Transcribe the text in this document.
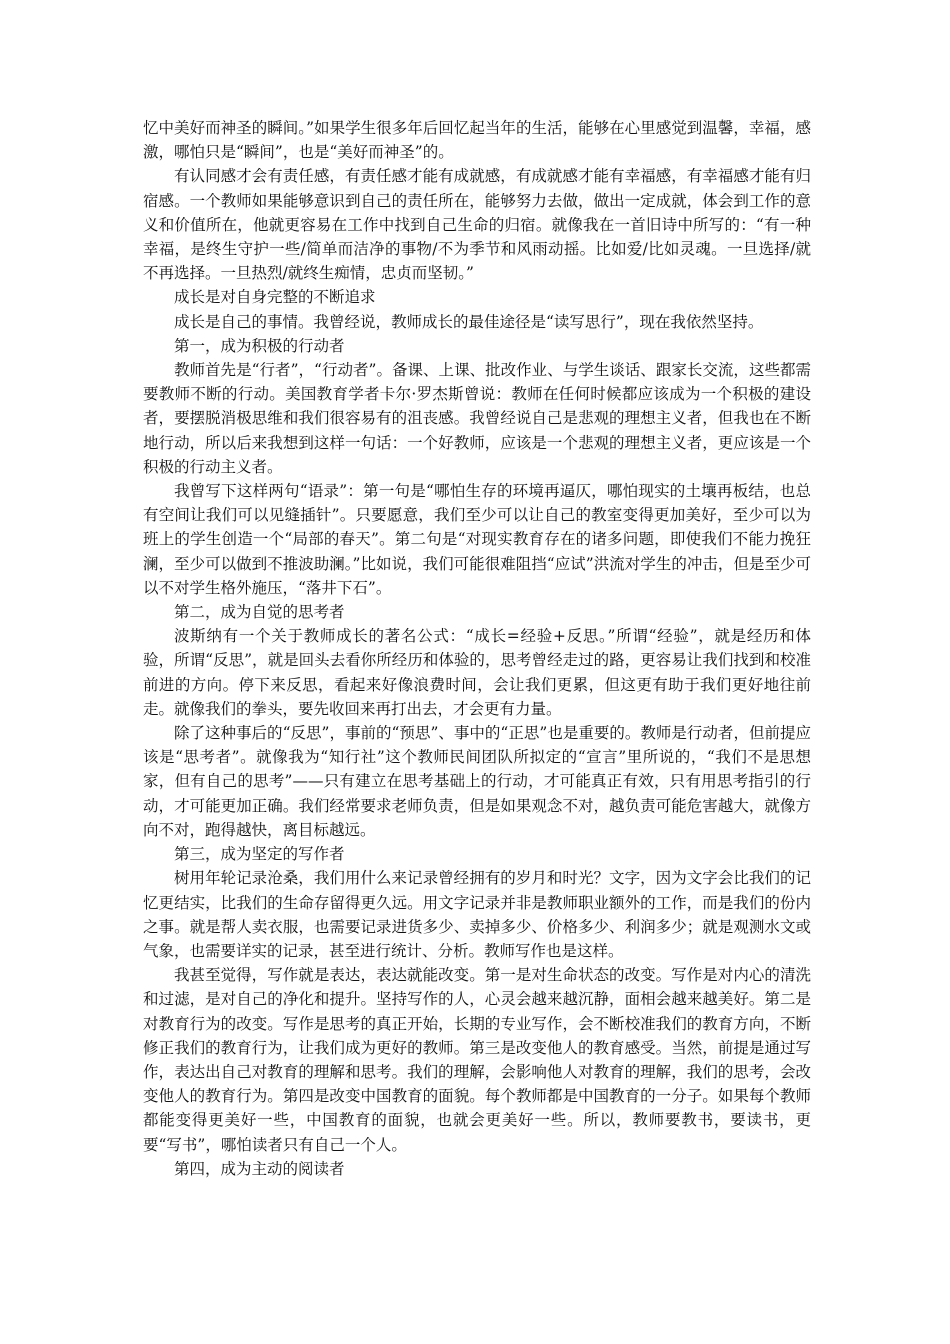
忆中美好而神圣的瞬间。”如果学生很多年后回忆起当年的生活，能够在心里感觉到温馨，幸福，感激，哪怕只是“瞬间”，也是“美好而神圣”的。

有认同感才会有责任感，有责任感才能有成就感，有成就感才能有幸福感，有幸福感才能有归宿感。一个教师如果能够意识到自己的责任所在，能够努力去做，做出一定成就，体会到工作的意义和价值所在，他就更容易在工作中找到自己生命的归宿。就像我在一首旧诗中所写的：“有一种幸福，是终生守护一些/简单而洁净的事物/不为季节和风雨动摇。比如爱/比如灵魂。一旦选择/就不再选择。一旦热烈/就终生痴情，忠贞而坚韧。”

成长是对自身完整的不断追求

成长是自己的事情。我曾经说，教师成长的最佳途径是“读写思行”，现在我依然坚持。

第一，成为积极的行动者

教师首先是“行者”，“行动者”。备课、上课、批改作业、与学生谈话、跟家长交流，这些都需要教师不断的行动。美国教育学者卡尔·罗杰斯曾说：教师在任何时候都应该成为一个积极的建设者，要摆脱消极思维和我们很容易有的沮丧感。我曾经说自己是悲观的理想主义者，但我也在不断地行动，所以后来我想到这样一句话：一个好教师，应该是一个悲观的理想主义者，更应该是一个积极的行动主义者。

我曾写下这样两句“语录”：第一句是“哪怕生存的环境再逼仄，哪怕现实的土壤再板结，也总有空间让我们可以见缝插针”。只要愿意，我们至少可以让自己的教室变得更加美好，至少可以为班上的学生创造一个“局部的春天”。第二句是“对现实教育存在的诸多问题，即使我们不能力挽狂澜，至少可以做到不推波助澜。”比如说，我们可能很难阻挡“应试”洪流对学生的冲击，但是至少可以不对学生格外施压，“落井下石”。

第二，成为自觉的思考者

波斯纳有一个关于教师成长的著名公式：“成长=经验+反思。”所谓“经验”，就是经历和体验，所谓“反思”，就是回头去看你所经历和体验的，思考曾经走过的路，更容易让我们找到和校准前进的方向。停下来反思，看起来好像浪费时间，会让我们更累，但这更有助于我们更好地往前走。就像我们的拳头，要先收回来再打出去，才会更有力量。

除了这种事后的“反思”，事前的“预思”、事中的“正思”也是重要的。教师是行动者，但前提应该是“思考者”。就像我为“知行社”这个教师民间团队所拟定的“宣言”里所说的，“我们不是思想家，但有自己的思考”——只有建立在思考基础上的行动，才可能真正有效，只有用思考指引的行动，才可能更加正确。我们经常要求老师负责，但是如果观念不对，越负责可能危害越大，就像方向不对，跑得越快，离目标越远。

第三，成为坚定的写作者

树用年轮记录沧桑，我们用什么来记录曾经拥有的岁月和时光？文字，因为文字会比我们的记忆更结实，比我们的生命存留得更久远。用文字记录并非是教师职业额外的工作，而是我们的份内之事。就是帮人卖衣服，也需要记录进货多少、卖掉多少、价格多少、利润多少；就是观测水文或气象，也需要详实的记录，甚至进行统计、分析。教师写作也是这样。

我甚至觉得，写作就是表达，表达就能改变。第一是对生命状态的改变。写作是对内心的清洗和过滤，是对自己的净化和提升。坚持写作的人，心灵会越来越沉静，面相会越来越美好。第二是对教育行为的改变。写作是思考的真正开始，长期的专业写作，会不断校准我们的教育方向，不断修正我们的教育行为，让我们成为更好的教师。第三是改变他人的教育感受。当然，前提是通过写作，表达出自己对教育的理解和思考。我们的理解，会影响他人对教育的理解，我们的思考，会改变他人的教育行为。第四是改变中国教育的面貌。每个教师都是中国教育的一分子。如果每个教师都能变得更美好一些，中国教育的面貌，也就会更美好一些。所以，教师要教书，要读书，更要“写书”，哪怕读者只有自己一个人。

第四，成为主动的阅读者
